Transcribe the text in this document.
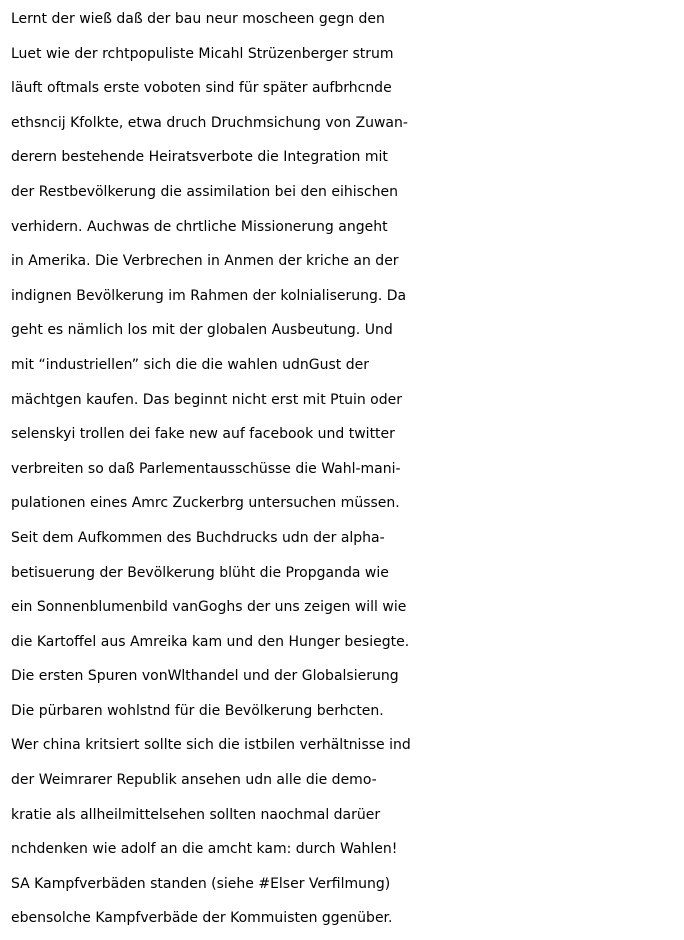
Lernt der wieß daß der bau neur moscheen gegn den
Luet wie der rchtpopuliste Micahl Strüzenberger strum
läuft oftmals erste voboten sind für später aufbrhcnde
ethsncij Kfolkte, etwa druch Druchmsichung von Zuwan-
derern bestehende Heiratsverbote die Integration mit
der Restbevölkerung die assimilation bei den eihischen
verhidern. Auchwas de chrtliche Missionerung angeht
in Amerika. Die Verbrechen in Anmen der kriche an der
indignen Bevölkerung im Rahmen der kolnialiserung. Da
geht es nämlich los mit der globalen Ausbeutung. Und
mit “industriellen” sich die die wahlen udnGust der
mächtgen kaufen. Das beginnt nicht erst mit Ptuin oder
selenskyi trollen dei fake new auf facebook und twitter
verbreiten so daß Parlementausschüsse die Wahl-mani-
pulationen eines Amrc Zuckerbrg untersuchen müssen.
Seit dem Aufkommen des Buchdrucks udn der alpha-
betisuerung der Bevölkerung blüht die Propganda wie
ein Sonnenblumenbild vanGoghs der uns zeigen will wie
die Kartoffel aus Amreika kam und den Hunger besiegte.
Die ersten Spuren vonWlthandel und der Globalsierung
Die pürbaren wohlstnd für die Bevölkerung berhcten.
Wer china kritsiert sollte sich die istbilen verhältnisse ind
der Weimrarer Republik ansehen udn alle die demo-
kratie als allheilmittelsehen sollten naochmal darüer
nchdenken wie adolf an die amcht kam: durch Wahlen!
SA Kampfverbäden standen (siehe #Elser Verfilmung)
ebensolche Kampfverbäde der Kommuisten ggenüber.
